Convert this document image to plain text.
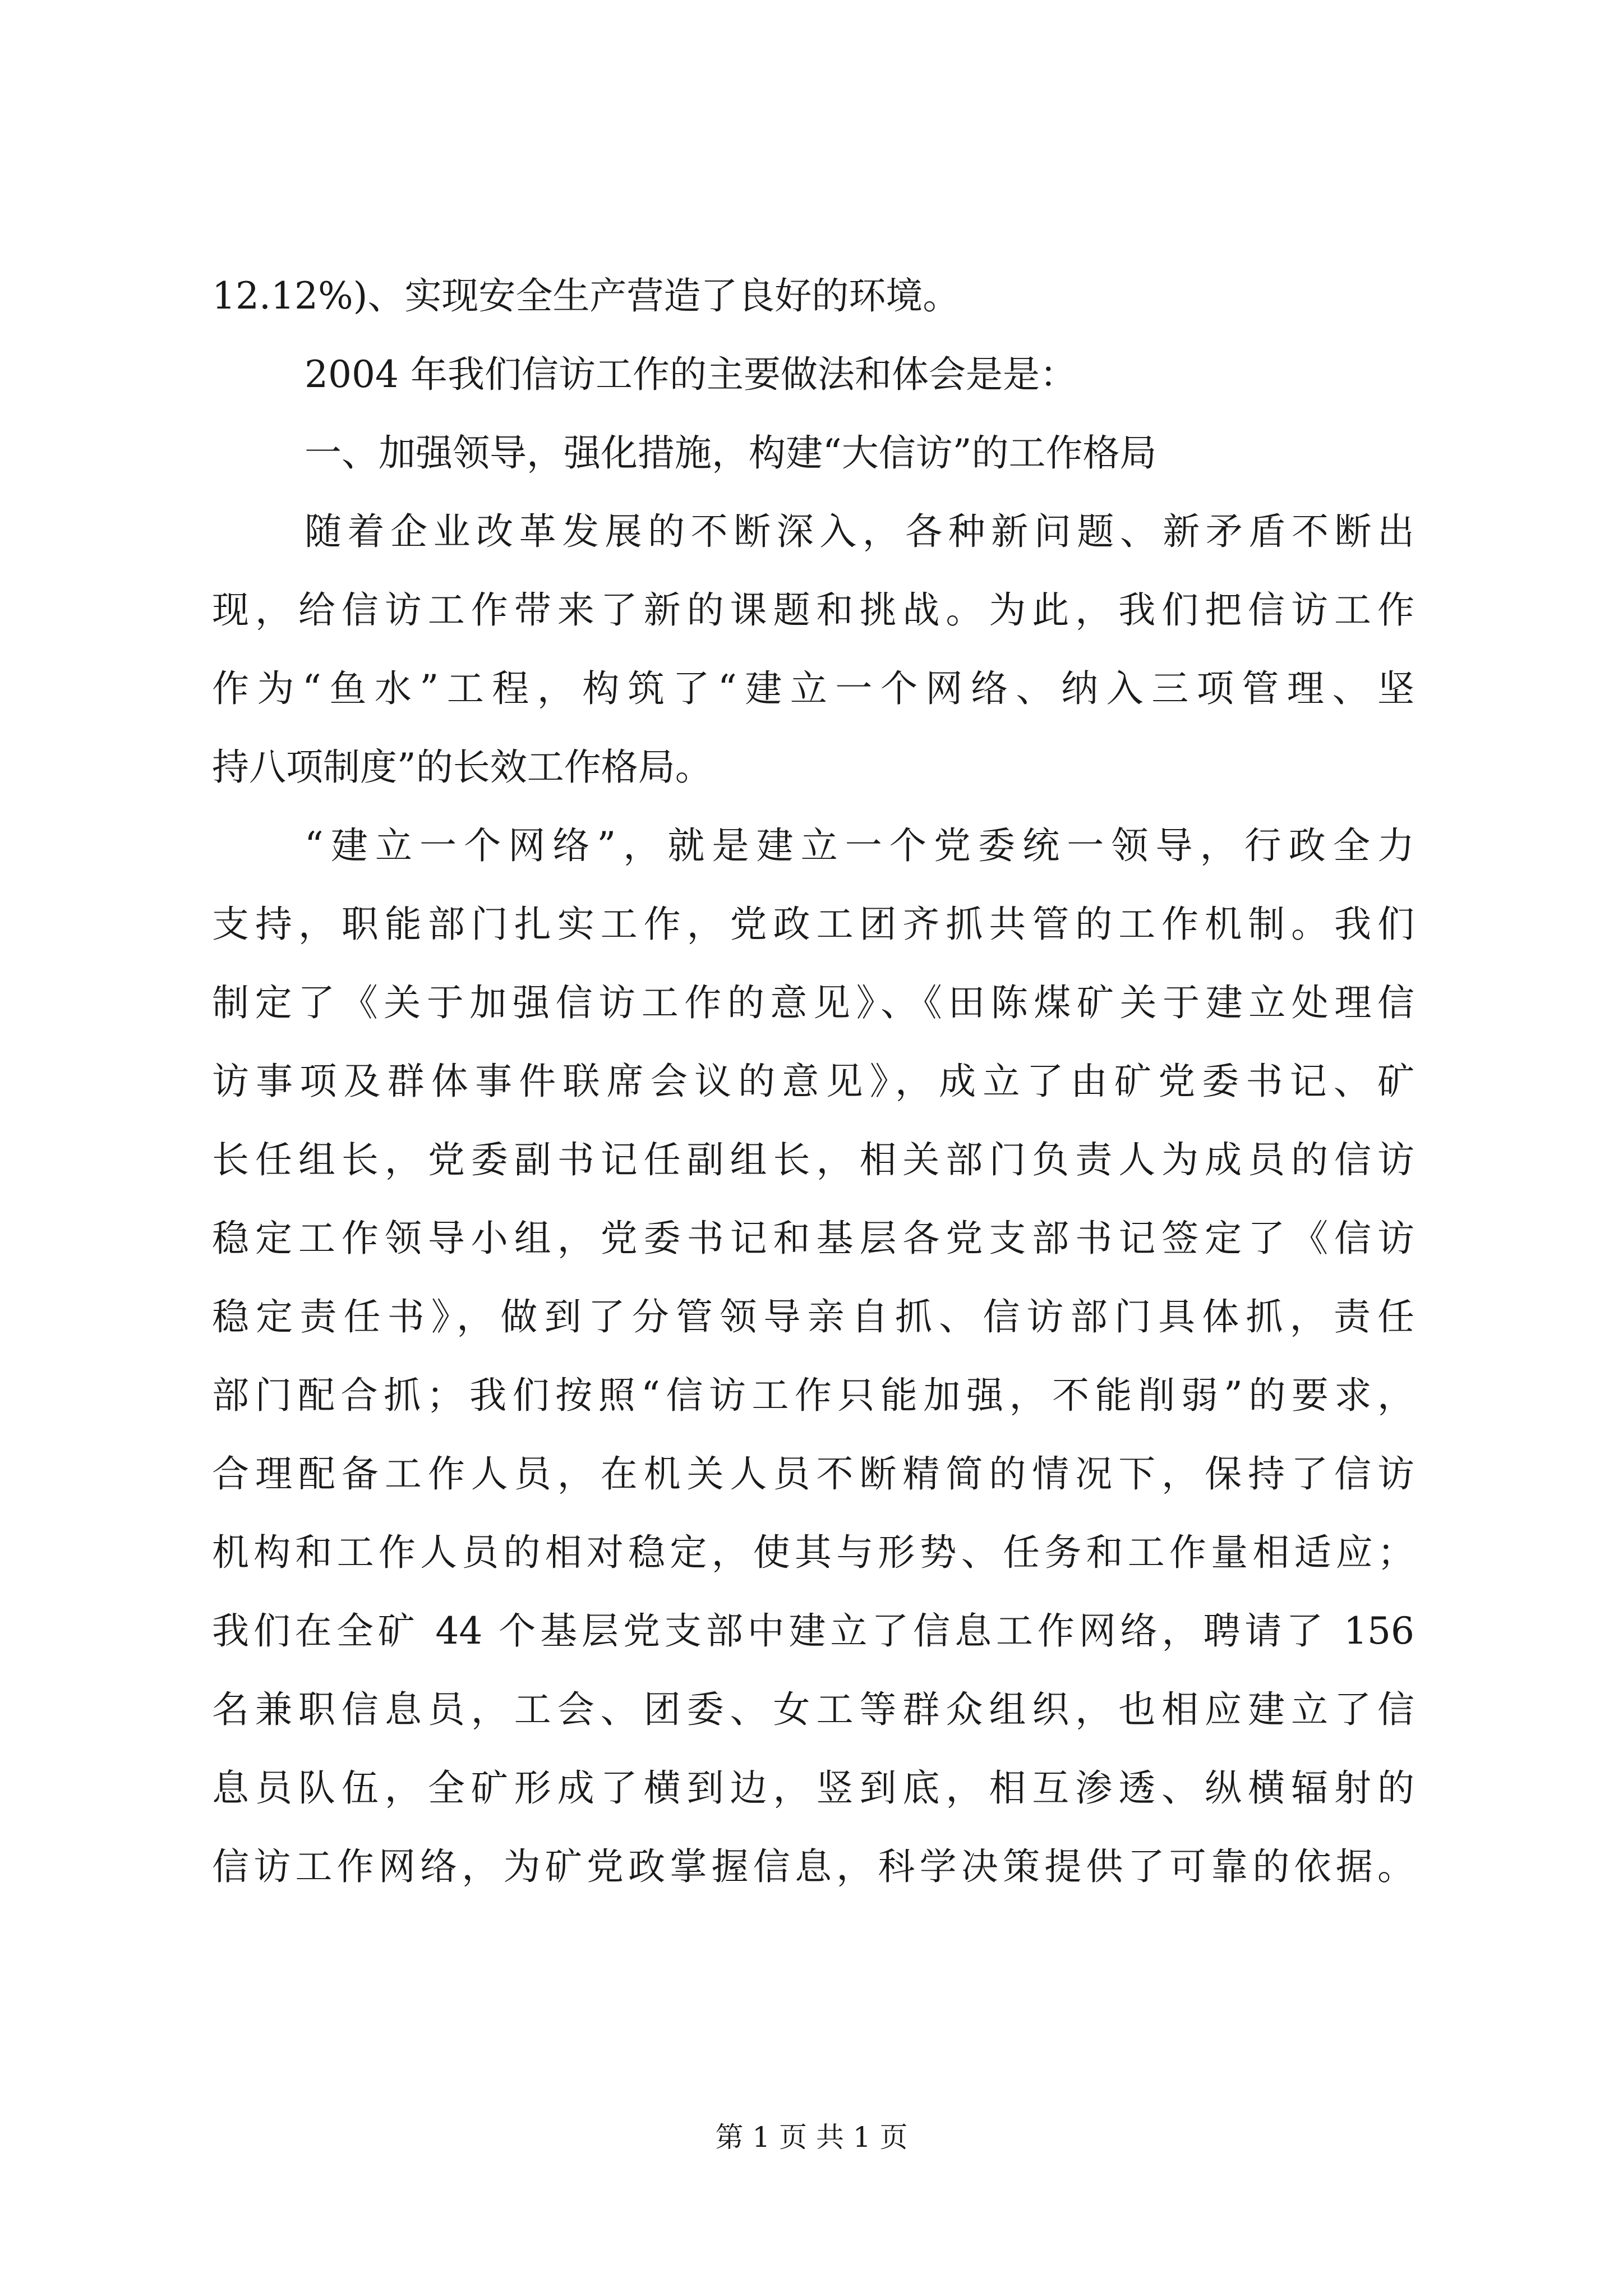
12.12%)、实现安全生产营造了良好的环境。
2004 年我们信访工作的主要做法和体会是是：
一、加强领导，强化措施，构建“大信访”的工作格局
随着企业改革发展的不断深入，各种新问题、新矛盾不断出
现，给信访工作带来了新的课题和挑战。为此，我们把信访工作
作为“鱼水”工程，构筑了“建立一个网络、纳入三项管理、坚
持八项制度”的长效工作格局。
“建立一个网络”，就是建立一个党委统一领导，行政全力
支持，职能部门扎实工作，党政工团齐抓共管的工作机制。我们
制定了《关于加强信访工作的意见》、《田陈煤矿关于建立处理信
访事项及群体事件联席会议的意见》，成立了由矿党委书记、矿
长任组长，党委副书记任副组长，相关部门负责人为成员的信访
稳定工作领导小组，党委书记和基层各党支部书记签定了《信访
稳定责任书》，做到了分管领导亲自抓、信访部门具体抓，责任
部门配合抓；我们按照“信访工作只能加强，不能削弱”的要求，
合理配备工作人员，在机关人员不断精简的情况下，保持了信访
机构和工作人员的相对稳定，使其与形势、任务和工作量相适应；
我们在全矿 44 个基层党支部中建立了信息工作网络，聘请了 156
名兼职信息员，工会、团委、女工等群众组织，也相应建立了信
息员队伍，全矿形成了横到边，竖到底，相互渗透、纵横辐射的
信访工作网络，为矿党政掌握信息，科学决策提供了可靠的依据。
第 1 页 共 1 页
